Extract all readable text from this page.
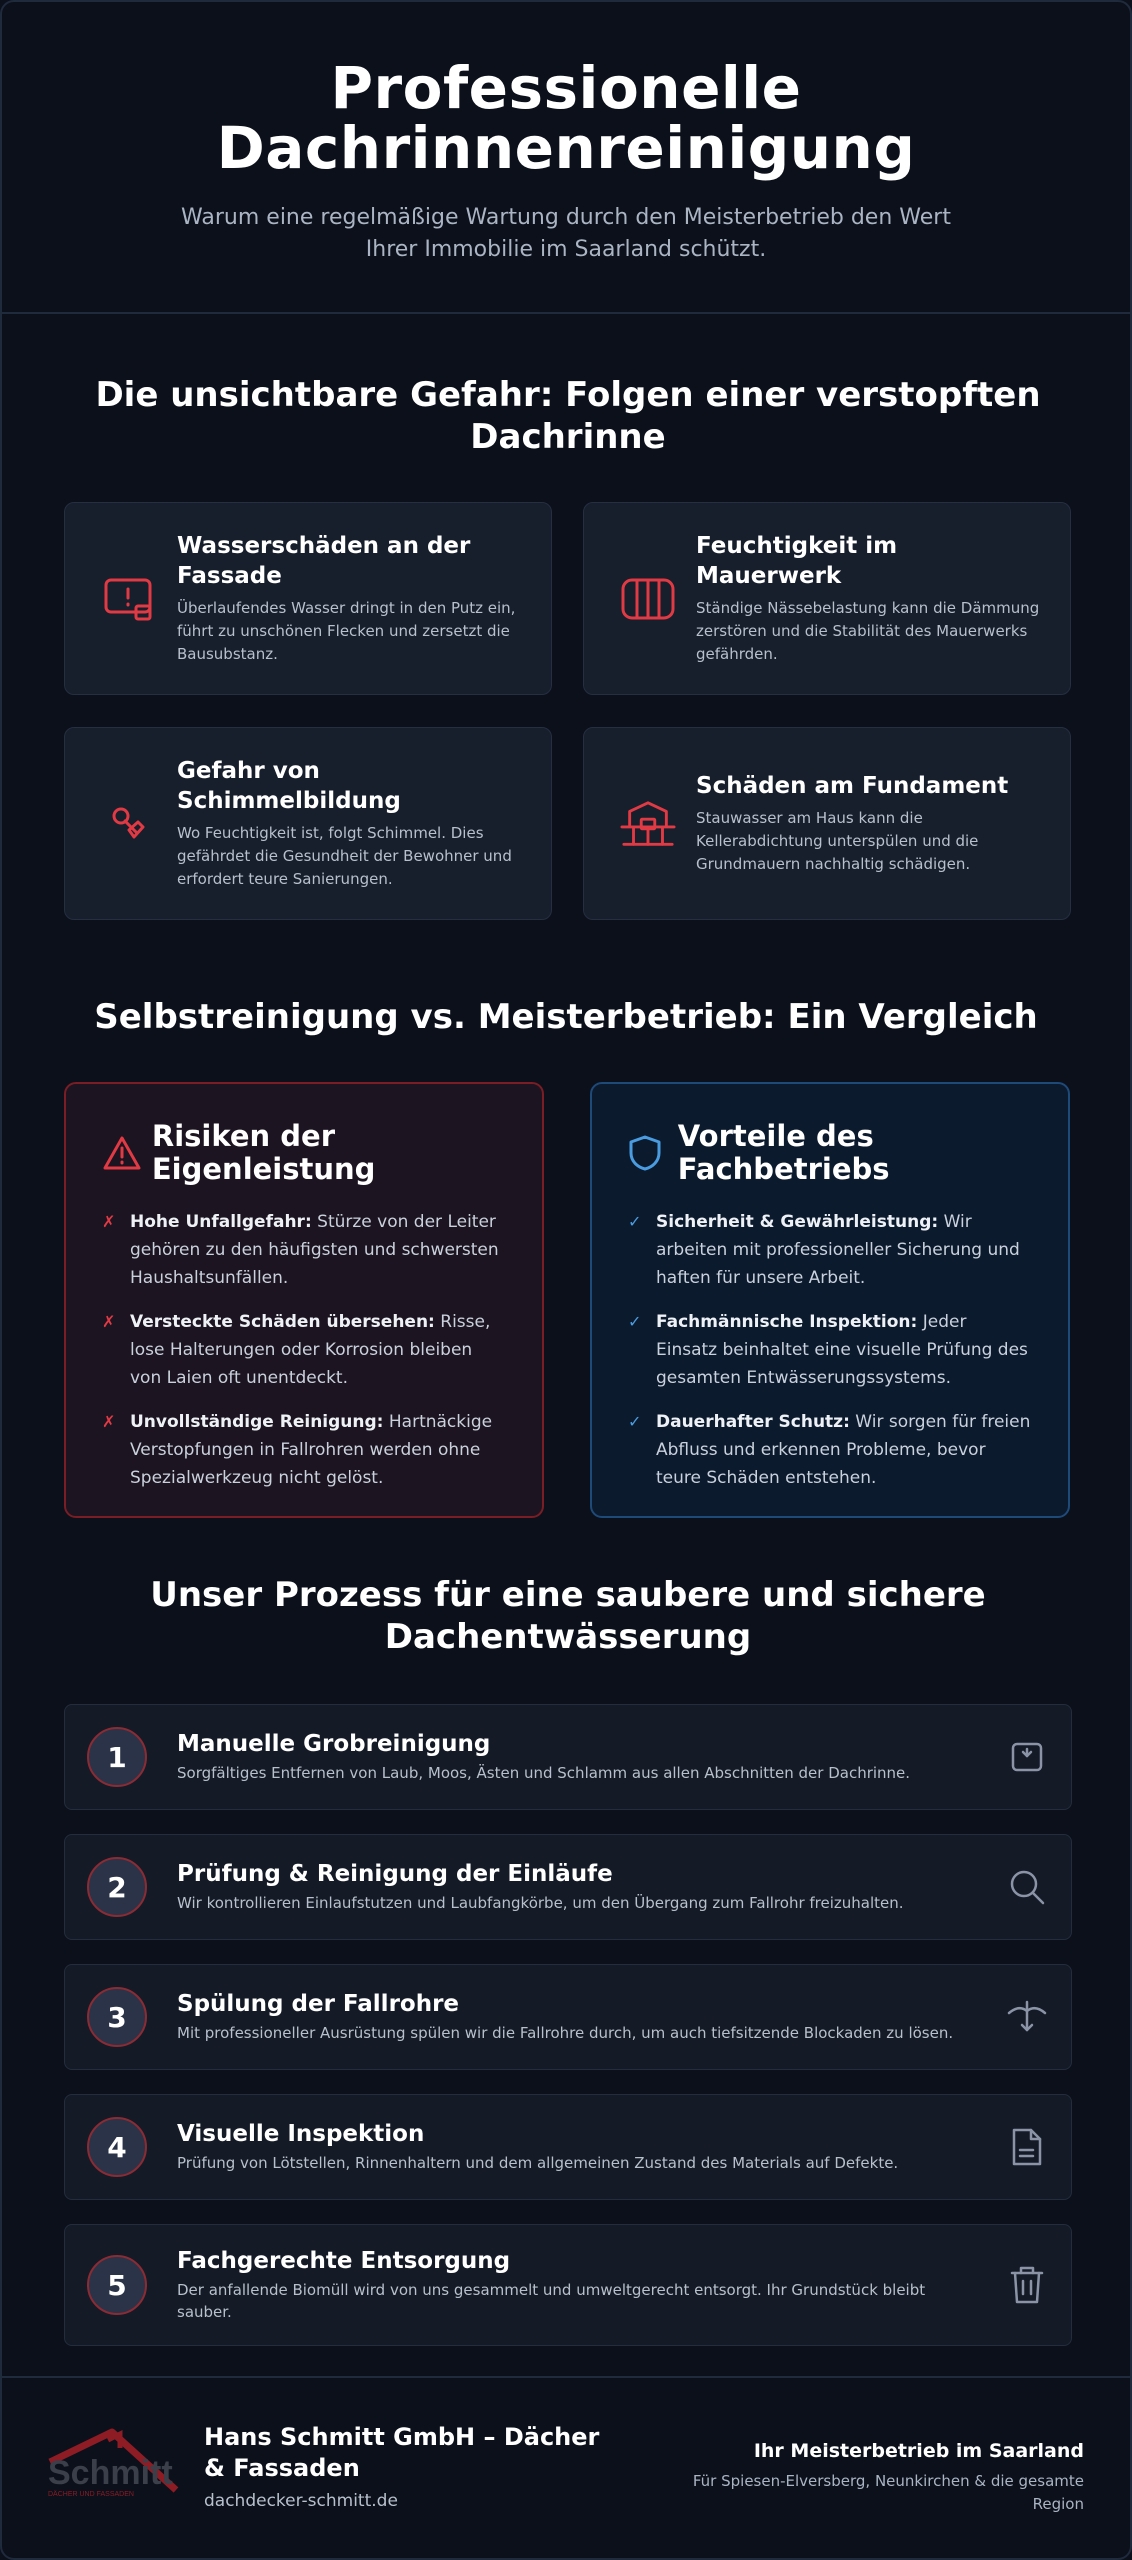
Professionelle
Dachrinnenreinigung

Warum eine regelmäßige Wartung durch den Meisterbetrieb den Wert Ihrer Immobilie im Saarland schützt.

Die unsichtbare Gefahr: Folgen einer verstopften Dachrinne
Wasserschäden an der Fassade

Überlaufendes Wasser dringt in den Putz ein, führt zu unschönen Flecken und zersetzt die Bausubstanz.

Feuchtigkeit im Mauerwerk

Ständige Nässebelastung kann die Dämmung zerstören und die Stabilität des Mauerwerks gefährden.

Gefahr von Schimmelbildung

Wo Feuchtigkeit ist, folgt Schimmel. Dies gefährdet die Gesundheit der Bewohner und erfordert teure Sanierungen.

Schäden am Fundament

Stauwasser am Haus kann die Kellerabdichtung unterspülen und die Grundmauern nachhaltig schädigen.

Selbstreinigung vs. Meisterbetrieb: Ein Vergleich
Risiken der Eigenleistung
✗ Hohe Unfallgefahr: Stürze von der Leiter gehören zu den häufigsten und schwersten Haushaltsunfällen.
✗ Versteckte Schäden übersehen: Risse, lose Halterungen oder Korrosion bleiben von Laien oft unentdeckt.
✗ Unvollständige Reinigung: Hartnäckige Verstopfungen in Fallrohren werden ohne Spezialwerkzeug nicht gelöst.
Vorteile des Fachbetriebs
✓ Sicherheit & Gewährleistung: Wir arbeiten mit professioneller Sicherung und haften für unsere Arbeit.
✓ Fachmännische Inspektion: Jeder Einsatz beinhaltet eine visuelle Prüfung des gesamten Entwässerungssystems.
✓ Dauerhafter Schutz: Wir sorgen für freien Abfluss und erkennen Probleme, bevor teure Schäden entstehen.
Unser Prozess für eine saubere und sichere Dachentwässerung
1	Manuelle Grobreinigung

Sorgfältiges Entfernen von Laub, Moos, Ästen und Schlamm aus allen Abschnitten der Dachrinne.

2	Prüfung & Reinigung der Einläufe

Wir kontrollieren Einlaufstutzen und Laubfangkörbe, um den Übergang zum Fallrohr freizuhalten.

3	Spülung der Fallrohre

Mit professioneller Ausrüstung spülen wir die Fallrohre durch, um auch tiefsitzende Blockaden zu lösen.

4	Visuelle Inspektion

Prüfung von Lötstellen, Rinnenhaltern und dem allgemeinen Zustand des Materials auf Defekte.

5
Fachgerechte Entsorgung

Der anfallende Biomüll wird von uns gesammelt und umweltgerecht entsorgt. Ihr Grundstück bleibt sauber.

Schmitt
DÄCHER UND FASSADEN
Hans Schmitt GmbH – Dächer & Fassaden
dachdecker-schmitt.de
Ihr Meisterbetrieb im Saarland
Für Spiesen-Elversberg, Neunkirchen & die gesamte Region
